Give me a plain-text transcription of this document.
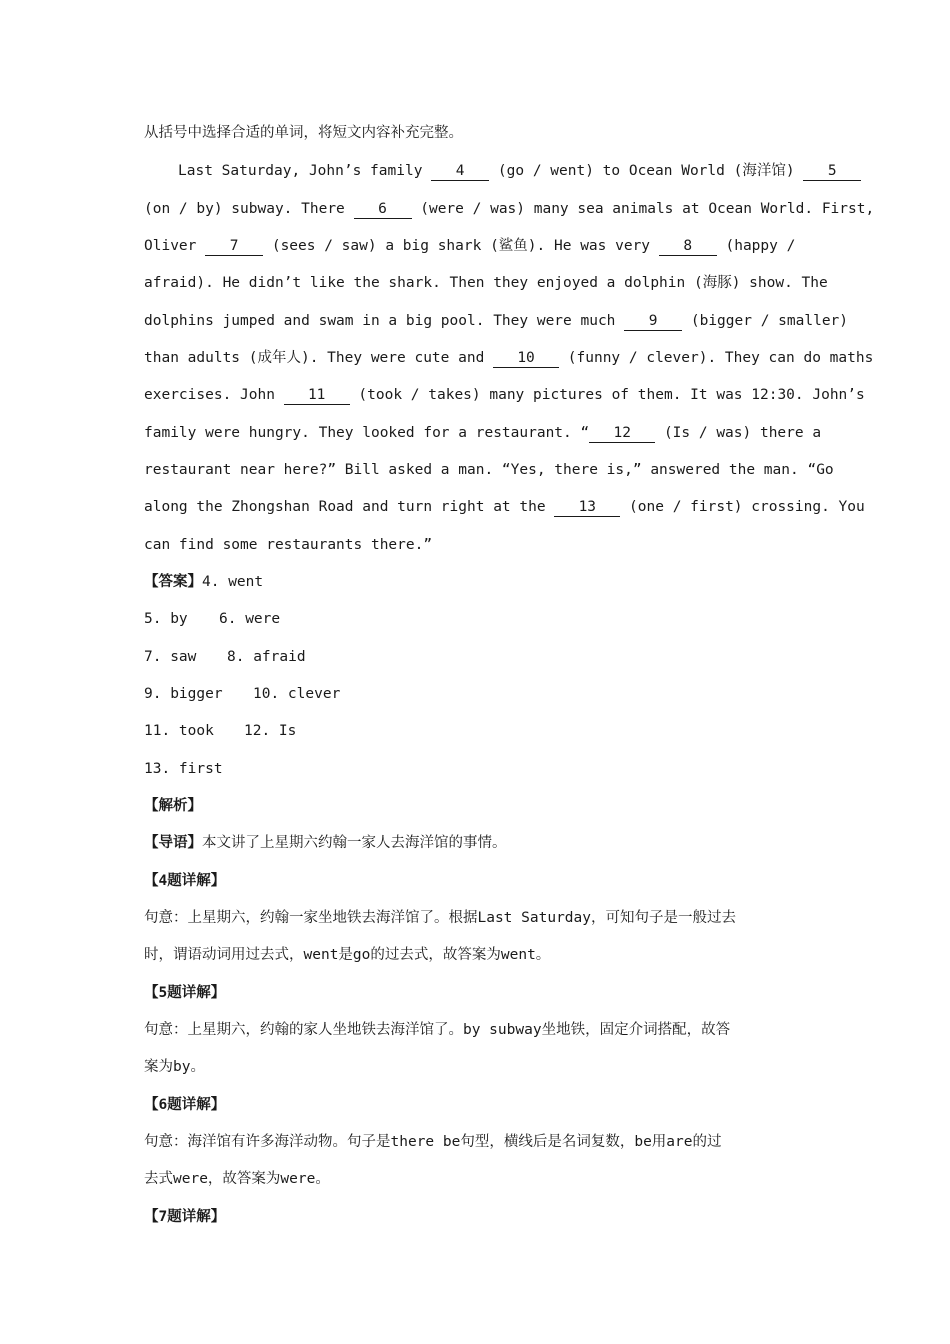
从括号中选择合适的单词，将短文内容补充完整。
Last Saturday, John’s family 4 (go / went) to Ocean World (海洋馆) 5
(on / by) subway. There 6 (were / was) many sea animals at Ocean World. First,
Oliver 7 (sees / saw) a big shark (鲨鱼). He was very 8 (happy /
afraid). He didn’t like the shark. Then they enjoyed a dolphin (海豚) show. The
dolphins jumped and swam in a big pool. They were much 9 (bigger / smaller)
than adults (成年人). They were cute and 10 (funny / clever). They can do maths
exercises. John 11 (took / takes) many pictures of them. It was 12:30. John’s
family were hungry. They looked for a restaurant. “ 12 (Is / was) there a
restaurant near here?” Bill asked a man. “Yes, there is,” answered the man. “Go
along the Zhongshan Road and turn right at the 13 (one / first) crossing. You
can find some restaurants there.”
【答案】4. went
5. by 6. were
7. saw 8. afraid
9. bigger 10. clever
11. took 12. Is
13. first
【解析】
【导语】本文讲了上星期六约翰一家人去海洋馆的事情。
【4题详解】
句意：上星期六，约翰一家坐地铁去海洋馆了。根据Last Saturday，可知句子是一般过去
时，谓语动词用过去式，went是go的过去式，故答案为went。
【5题详解】
句意：上星期六，约翰的家人坐地铁去海洋馆了。by subway坐地铁，固定介词搭配，故答
案为by。
【6题详解】
句意：海洋馆有许多海洋动物。句子是there be句型，横线后是名词复数，be用are的过
去式were，故答案为were。
【7题详解】
